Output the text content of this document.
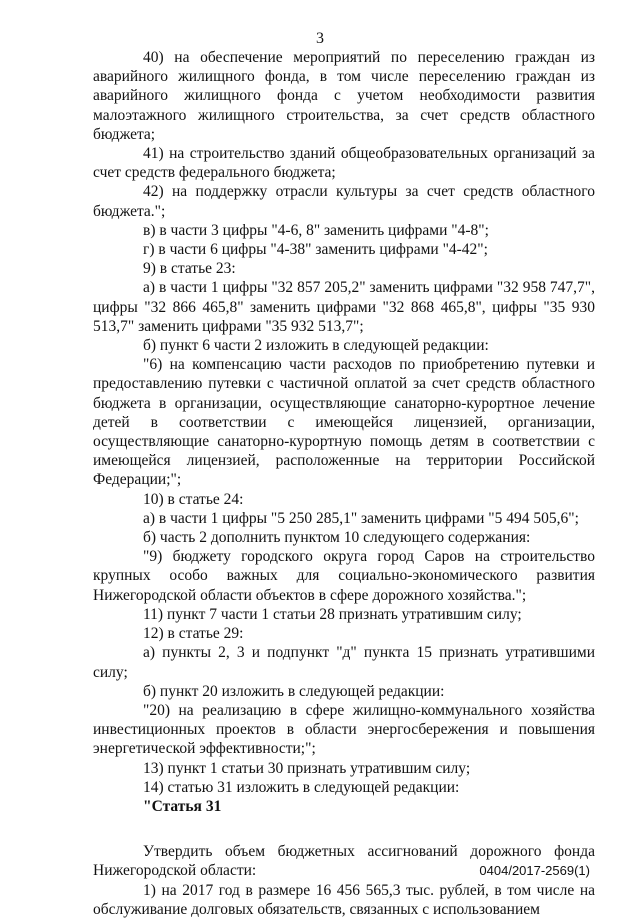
3

40) на обеспечение мероприятий по переселению граждан из аварийного жилищного фонда, в том числе переселению граждан из аварийного жилищного фонда с учетом необходимости развития малоэтажного жилищного строительства, за счет средств областного бюджета;

41) на строительство зданий общеобразовательных организаций за счет средств федерального бюджета;

42) на поддержку отрасли культуры за счет средств областного бюджета.";

в) в части 3 цифры "4-6, 8" заменить цифрами "4-8";

г) в части 6 цифры "4-38" заменить цифрами "4-42";

9) в статье 23:

а) в части 1 цифры "32 857 205,2" заменить цифрами "32 958 747,7", цифры "32 866 465,8" заменить цифрами "32 868 465,8", цифры "35 930 513,7" заменить цифрами "35 932 513,7";

б) пункт 6 части 2 изложить в следующей редакции:

"6) на компенсацию части расходов по приобретению путевки и предоставлению путевки с частичной оплатой за счет средств областного бюджета в организации, осуществляющие санаторно-курортное лечение детей в соответствии с имеющейся лицензией, организации, осуществляющие санаторно-курортную помощь детям в соответствии с имеющейся лицензией, расположенные на территории Российской Федерации;";

10) в статье 24:

а) в части 1 цифры "5 250 285,1" заменить цифрами "5 494 505,6";

б) часть 2 дополнить пунктом 10 следующего содержания:

"9) бюджету городского округа город Саров на строительство крупных особо важных для социально-экономического развития Нижегородской области объектов в сфере дорожного хозяйства.";

11) пункт 7 части 1 статьи 28 признать утратившим силу;

12) в статье 29:

а) пункты 2, 3 и подпункт "д" пункта 15 признать утратившими силу;

б) пункт 20 изложить в следующей редакции:

"20) на реализацию в сфере жилищно-коммунального хозяйства инвестиционных проектов в области энергосбережения и повышения энергетической эффективности;";

13) пункт 1 статьи 30 признать утратившим силу;

14) статью 31 изложить в следующей редакции:

"Статья 31

Утвердить объем бюджетных ассигнований дорожного фонда Нижегородской области:

1) на 2017 год в размере 16 456 565,3 тыс. рублей, в том числе на обслуживание долговых обязательств, связанных с использованием

0404/2017-2569(1)
